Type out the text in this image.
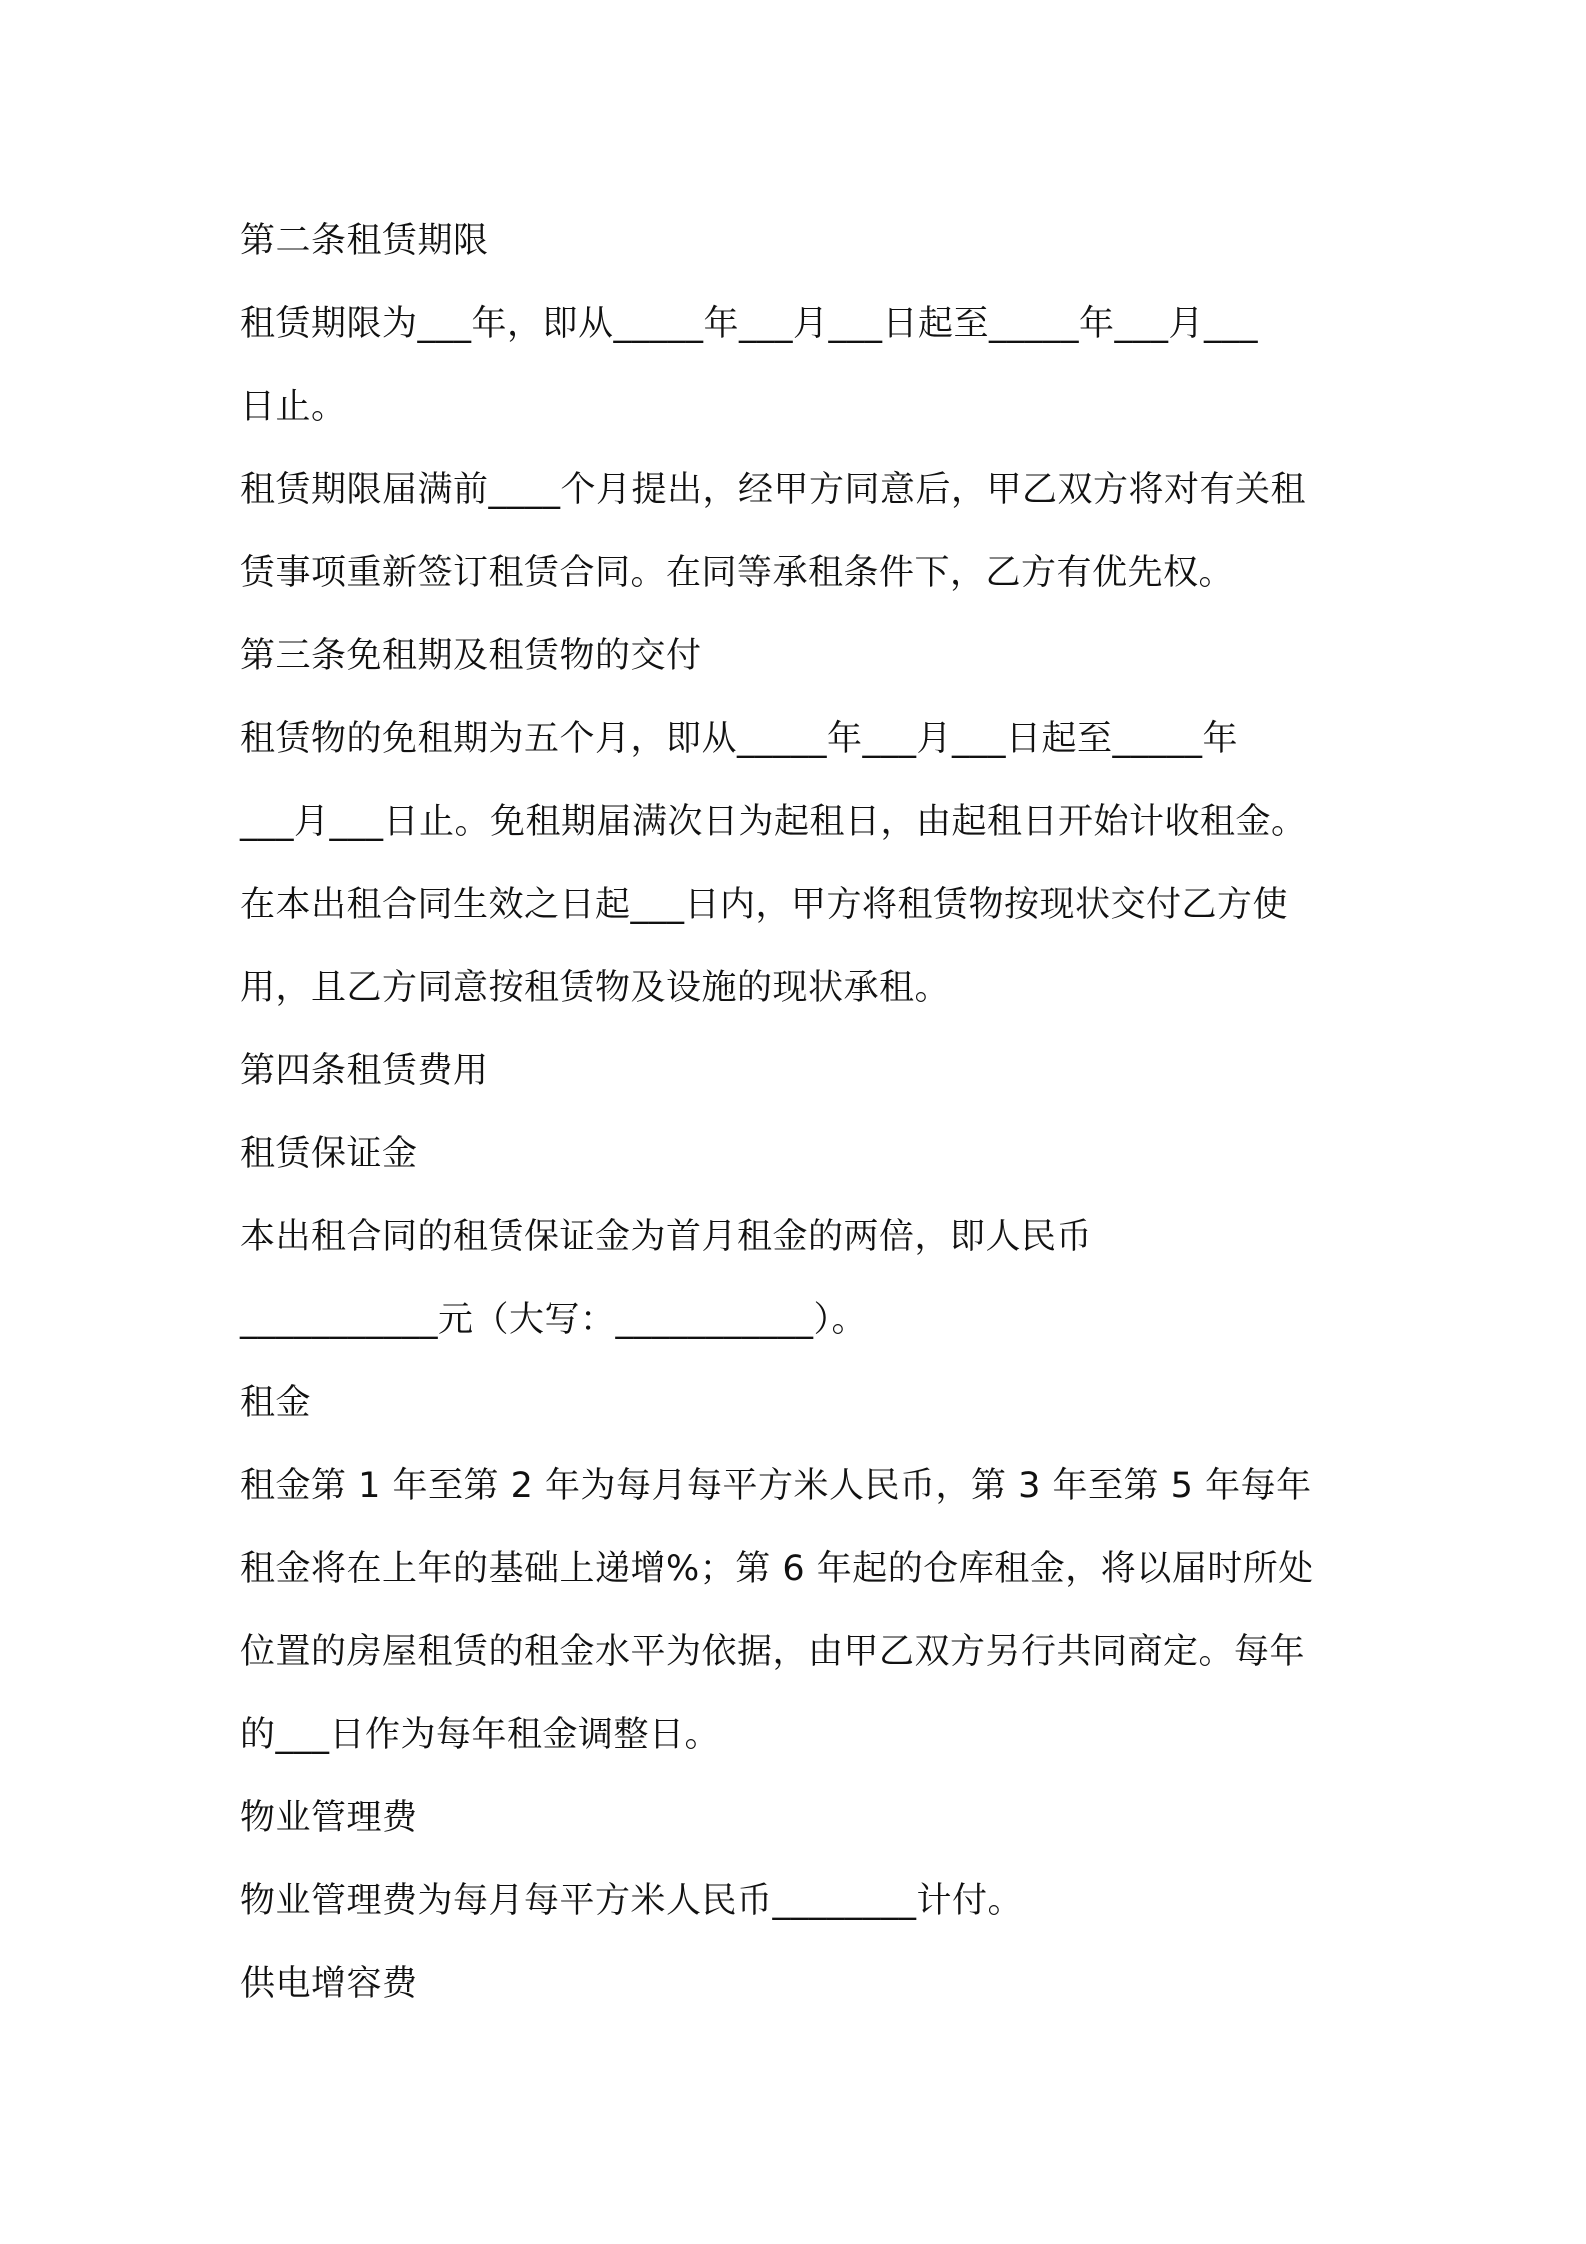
第二条租赁期限
租赁期限为___年，即从_____年___月___日起至_____年___月___
日止。
租赁期限届满前____个月提出，经甲方同意后，甲乙双方将对有关租
赁事项重新签订租赁合同。在同等承租条件下，乙方有优先权。
第三条免租期及租赁物的交付
租赁物的免租期为五个月，即从_____年___月___日起至_____年
___月___日止。免租期届满次日为起租日，由起租日开始计收租金。
在本出租合同生效之日起___日内，甲方将租赁物按现状交付乙方使
用，且乙方同意按租赁物及设施的现状承租。
第四条租赁费用
租赁保证金
本出租合同的租赁保证金为首月租金的两倍，即人民币
___________元（大写：___________）。
租金
租金第 1 年至第 2 年为每月每平方米人民币，第 3 年至第 5 年每年
租金将在上年的基础上递增%；第 6 年起的仓库租金，将以届时所处
位置的房屋租赁的租金水平为依据，由甲乙双方另行共同商定。每年
的___日作为每年租金调整日。
物业管理费
物业管理费为每月每平方米人民币________计付。
供电增容费
